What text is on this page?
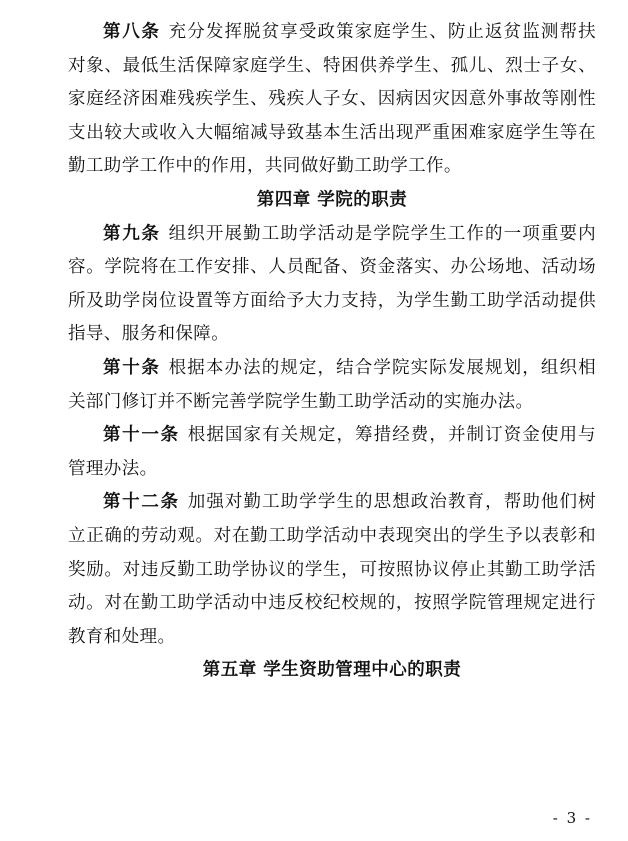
第八条 充分发挥脱贫享受政策家庭学生、防止返贫监测帮扶对象、最低生活保障家庭学生、特困供养学生、孤儿、烈士子女、家庭经济困难残疾学生、残疾人子女、因病因灾因意外事故等刚性支出较大或收入大幅缩减导致基本生活出现严重困难家庭学生等在勤工助学工作中的作用，共同做好勤工助学工作。

第四章 学院的职责

第九条 组织开展勤工助学活动是学院学生工作的一项重要内容。学院将在工作安排、人员配备、资金落实、办公场地、活动场所及助学岗位设置等方面给予大力支持，为学生勤工助学活动提供指导、服务和保障。

第十条 根据本办法的规定，结合学院实际发展规划，组织相关部门修订并不断完善学院学生勤工助学活动的实施办法。

第十一条 根据国家有关规定，筹措经费，并制订资金使用与管理办法。

第十二条 加强对勤工助学学生的思想政治教育，帮助他们树立正确的劳动观。对在勤工助学活动中表现突出的学生予以表彰和奖励。对违反勤工助学协议的学生，可按照协议停止其勤工助学活动。对在勤工助学活动中违反校纪校规的，按照学院管理规定进行教育和处理。

第五章 学生资助管理中心的职责

- 3 -
